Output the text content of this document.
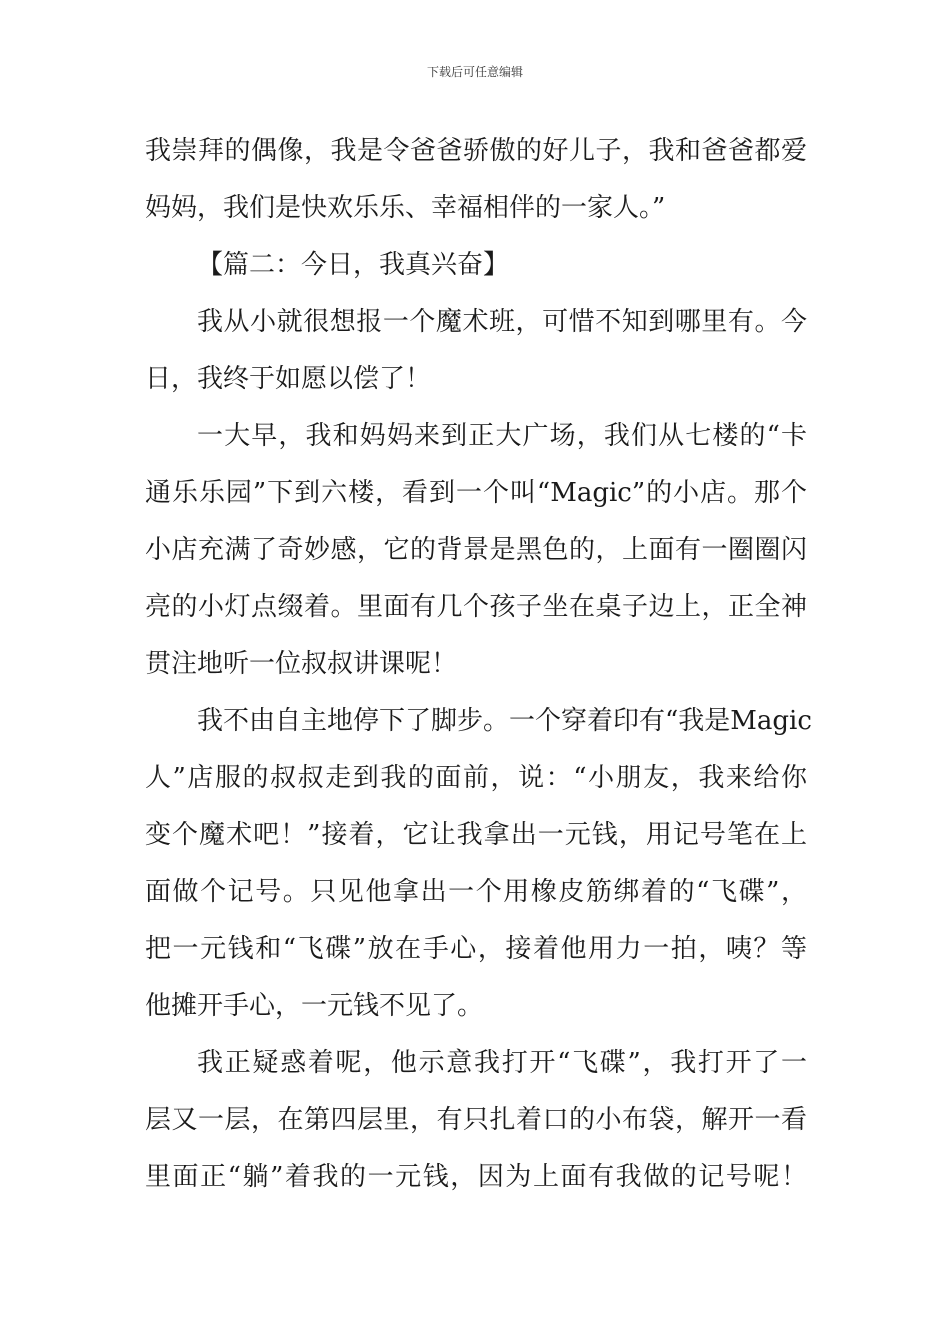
下载后可任意编辑
我崇拜的偶像，我是令爸爸骄傲的好儿子，我和爸爸都爱
妈妈，我们是快欢乐乐、幸福相伴的一家人。”
【篇二：今日，我真兴奋】
我从小就很想报一个魔术班，可惜不知到哪里有。今
日，我终于如愿以偿了！
一大早，我和妈妈来到正大广场，我们从七楼的“卡
通乐乐园”下到六楼，看到一个叫“Magic”的小店。那个
小店充满了奇妙感，它的背景是黑色的，上面有一圈圈闪
亮的小灯点缀着。里面有几个孩子坐在桌子边上，正全神
贯注地听一位叔叔讲课呢！
我不由自主地停下了脚步。一个穿着印有“我是Magic
人”店服的叔叔走到我的面前，说：“小朋友，我来给你
变个魔术吧！”接着，它让我拿出一元钱，用记号笔在上
面做个记号。只见他拿出一个用橡皮筋绑着的“飞碟”，
把一元钱和“飞碟”放在手心，接着他用力一拍，咦？等
他摊开手心，一元钱不见了。
我正疑惑着呢，他示意我打开“飞碟”，我打开了一
层又一层，在第四层里，有只扎着口的小布袋，解开一看
里面正“躺”着我的一元钱，因为上面有我做的记号呢！
